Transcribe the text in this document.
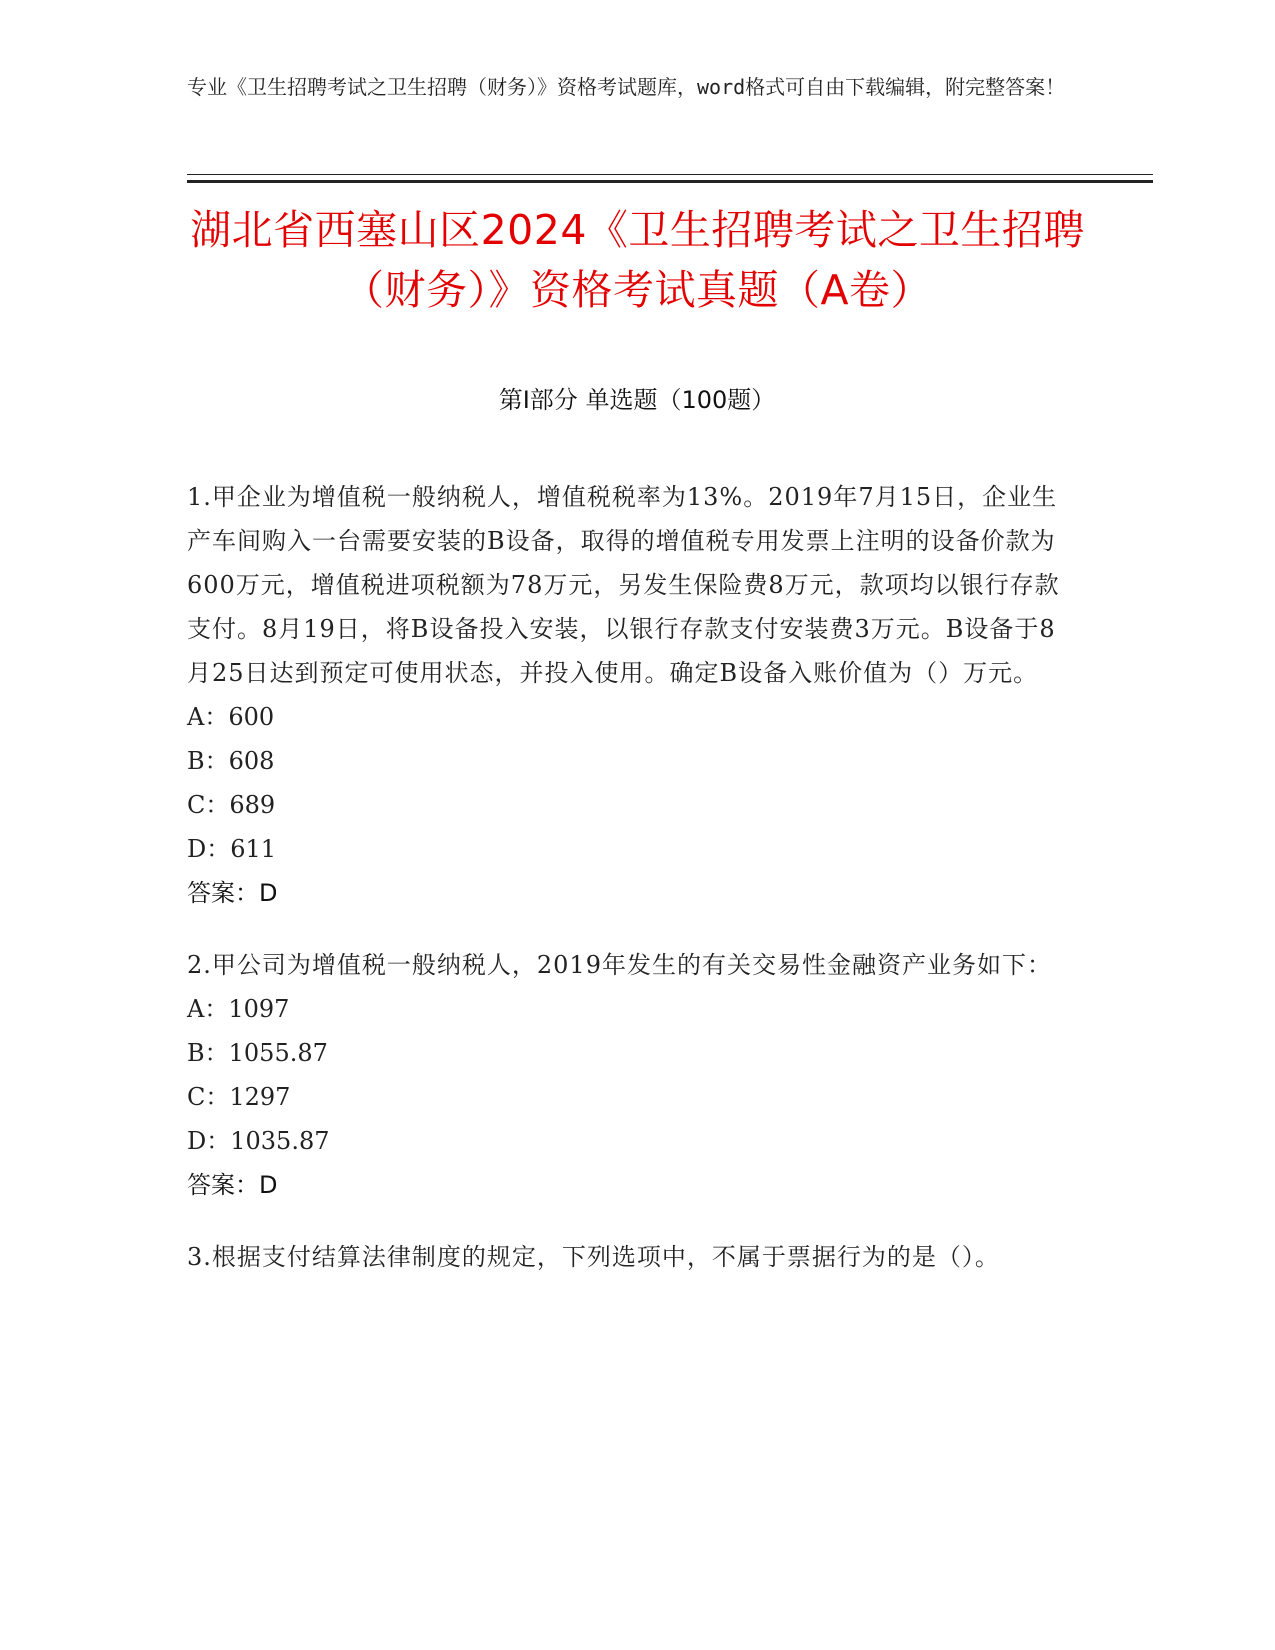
专业《卫生招聘考试之卫生招聘（财务）》资格考试题库，word格式可自由下载编辑，附完整答案！
湖北省西塞山区2024《卫生招聘考试之卫生招聘（财务）》资格考试真题（A卷）
第Ⅰ部分 单选题（100题）

1.甲企业为增值税一般纳税人，增值税税率为13%。2019年7月15日，企业生产车间购入一台需要安装的B设备，取得的增值税专用发票上注明的设备价款为600万元，增值税进项税额为78万元，另发生保险费8万元，款项均以银行存款支付。8月19日，将B设备投入安装，以银行存款支付安装费3万元。B设备于8月25日达到预定可使用状态，并投入使用。确定B设备入账价值为（）万元。

A：600
B：608
C：689
D：611
答案：D

2.甲公司为增值税一般纳税人，2019年发生的有关交易性金融资产业务如下：

A：1097
B：1055.87
C：1297
D：1035.87
答案：D

3.根据支付结算法律制度的规定，下列选项中，不属于票据行为的是（）。
